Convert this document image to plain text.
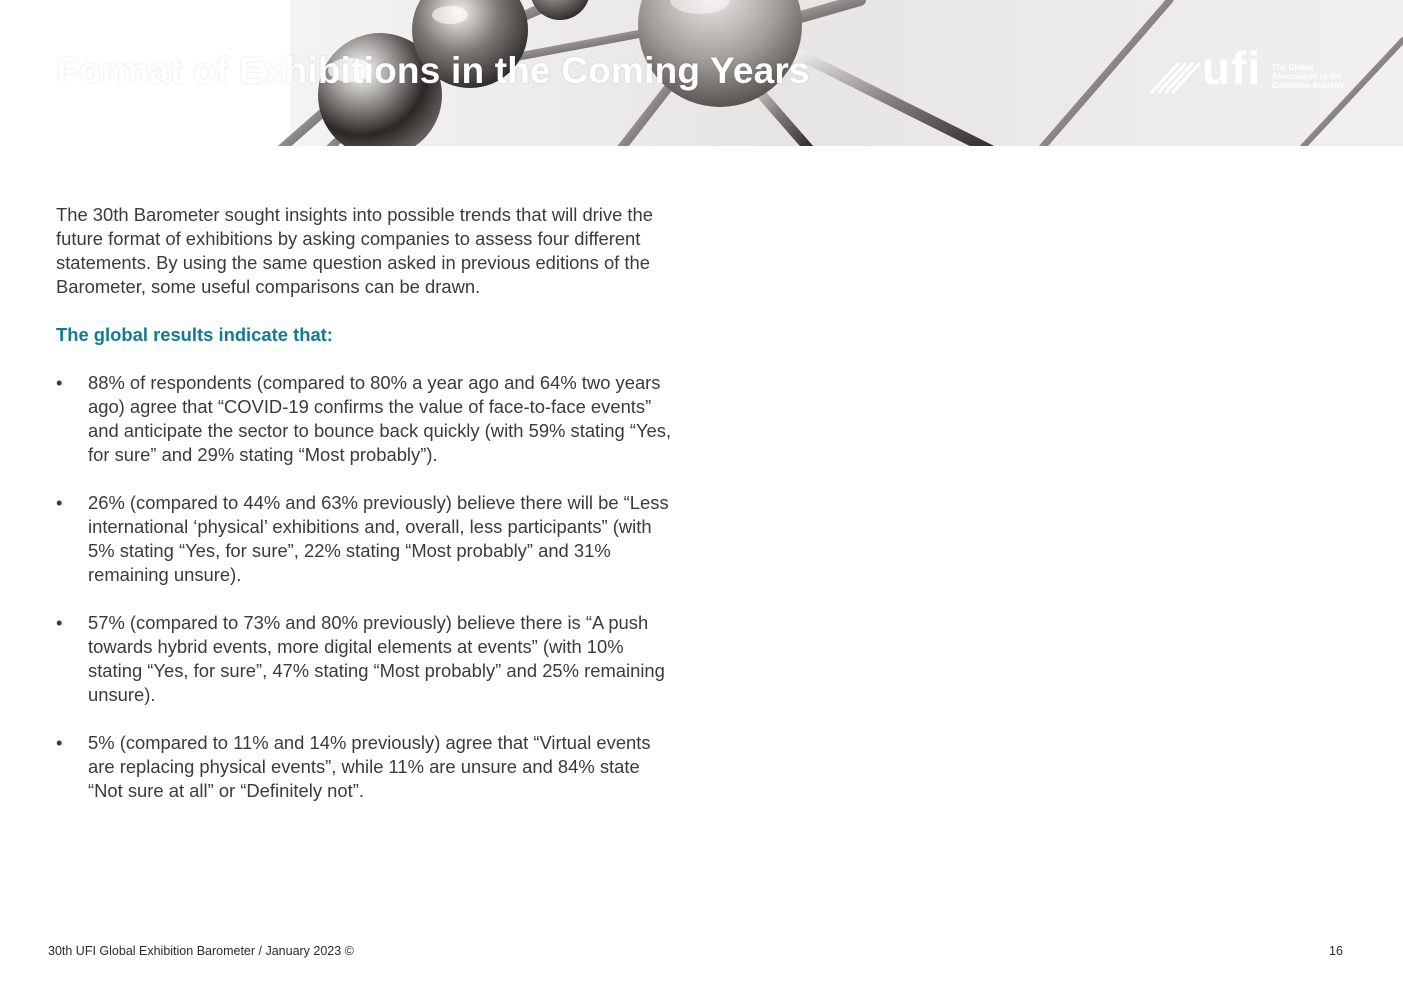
Format of Exhibitions in the Coming Years	ufi The Global
Association of the
Exhibition Industry

The 30th Barometer sought insights into possible trends that will drive the future format of exhibitions by asking companies to assess four different statements. By using the same question asked in previous editions of the Barometer, some useful comparisons can be drawn.

The global results indicate that:

• 88% of respondents (compared to 80% a year ago and 64% two years ago) agree that “COVID-19 confirms the value of face-to-face events” and anticipate the sector to bounce back quickly (with 59% stating “Yes, for sure” and 29% stating “Most probably”).
• 26% (compared to 44% and 63% previously) believe there will be “Less international ‘physical’ exhibitions and, overall, less participants” (with 5% stating “Yes, for sure”, 22% stating “Most probably” and 31% remaining unsure).
• 57% (compared to 73% and 80% previously) believe there is “A push towards hybrid events, more digital elements at events” (with 10% stating “Yes, for sure”, 47% stating “Most probably” and 25% remaining unsure).
• 5% (compared to 11% and 14% previously) agree that “Virtual events are replacing physical events”, while 11% are unsure and 84% state “Not sure at all” or “Definitely not”.
30th UFI Global Exhibition Barometer / January 2023 ©	16
